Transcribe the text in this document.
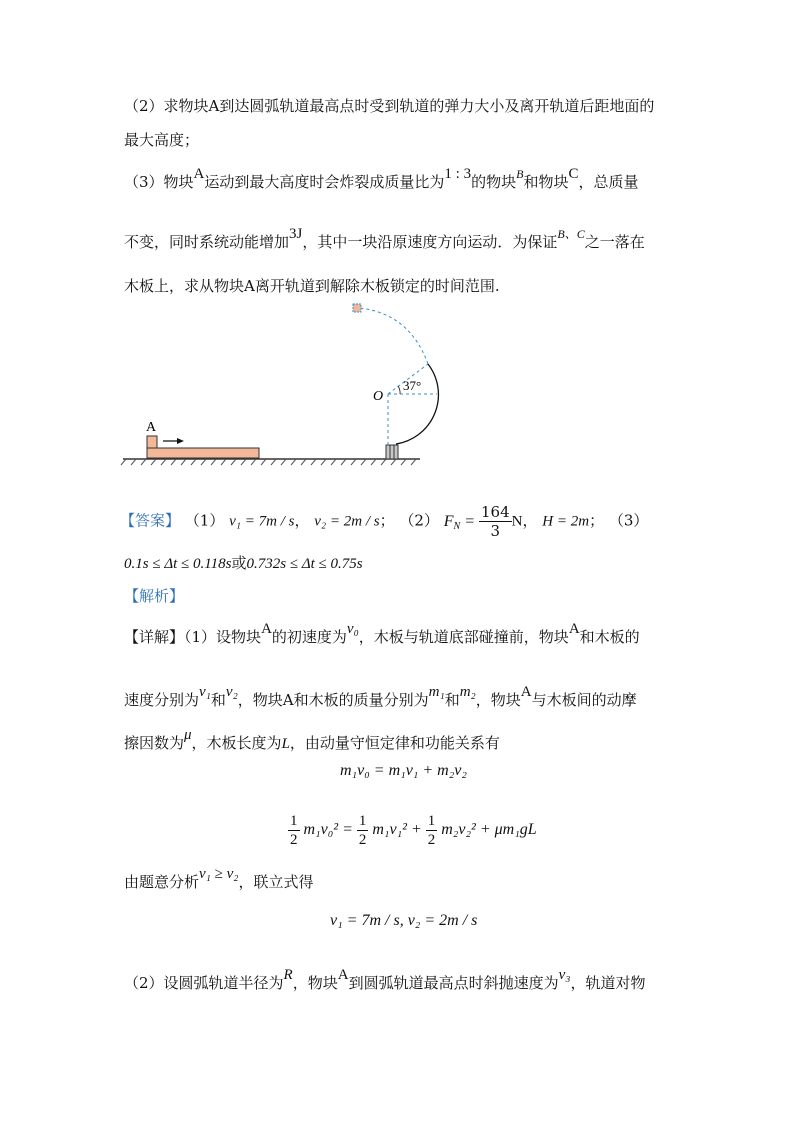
（2）求物块A到达圆弧轨道最高点时受到轨道的弹力大小及离开轨道后距地面的
最大高度；
（3）物块A运动到最大高度时会炸裂成质量比为1 : 3的物块$^B$和物块C，总质量
不变，同时系统动能增加3J，其中一块沿原速度方向运动．为保证$^{B、C}$之一落在
木板上，求从物块A离开轨道到解除木板锁定的时间范围.
A
O
37°
【答案】 （1） v₁ = 7m / s， v₂ = 2m / s； （2） $F_N = \frac{164}{3}$ N， H = 2m； （3）
0.1s ≤ Δt ≤ 0.118s或0.732s ≤ Δt ≤ 0.75s
【解析】
【详解】（1）设物块A的初速度为v₀，木板与轨道底部碰撞前，物块A和木板的
速度分别为v₁和v₂，物块A和木板的质量分别为m₁和m₂，物块A与木板间的动摩
擦因数为μ，木板长度为L，由动量守恒定律和功能关系有
m₁v₀ = m₁v₁ + m₂v₂
$\frac{1}{2} m_1v_0^2 = \frac{1}{2} m_1v_1^2 + \frac{1}{2} m_2v_2^2 + \mu m_1gL$
由题意分析v₁ ≥ v₂，联立式得
v₁ = 7m / s, v₂ = 2m / s
（2）设圆弧轨道半径为R，物块A到圆弧轨道最高点时斜抛速度为v₃，轨道对物
